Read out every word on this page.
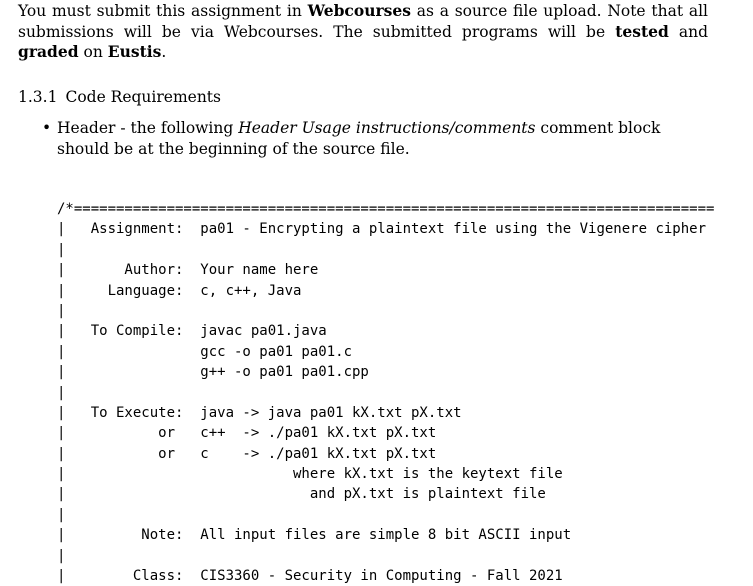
You must submit this assignment in Webcourses as a source file upload. Note that all submissions will be via Webcourses. The submitted programs will be tested and graded on Eustis.
1.3.1 Code Requirements
• Header - the following Header Usage instructions/comments comment block should be at the beginning of the source file.
/*============================================================================
|   Assignment:  pa01 - Encrypting a plaintext file using the Vigenere cipher
|
|       Author:  Your name here
|     Language:  c, c++, Java
|
|   To Compile:  javac pa01.java
|                gcc -o pa01 pa01.c
|                g++ -o pa01 pa01.cpp
|
|   To Execute:  java -> java pa01 kX.txt pX.txt
|           or   c++  -> ./pa01 kX.txt pX.txt
|           or   c    -> ./pa01 kX.txt pX.txt
|                           where kX.txt is the keytext file
|                             and pX.txt is plaintext file
|
|         Note:  All input files are simple 8 bit ASCII input
|
|        Class:  CIS3360 - Security in Computing - Fall 2021
